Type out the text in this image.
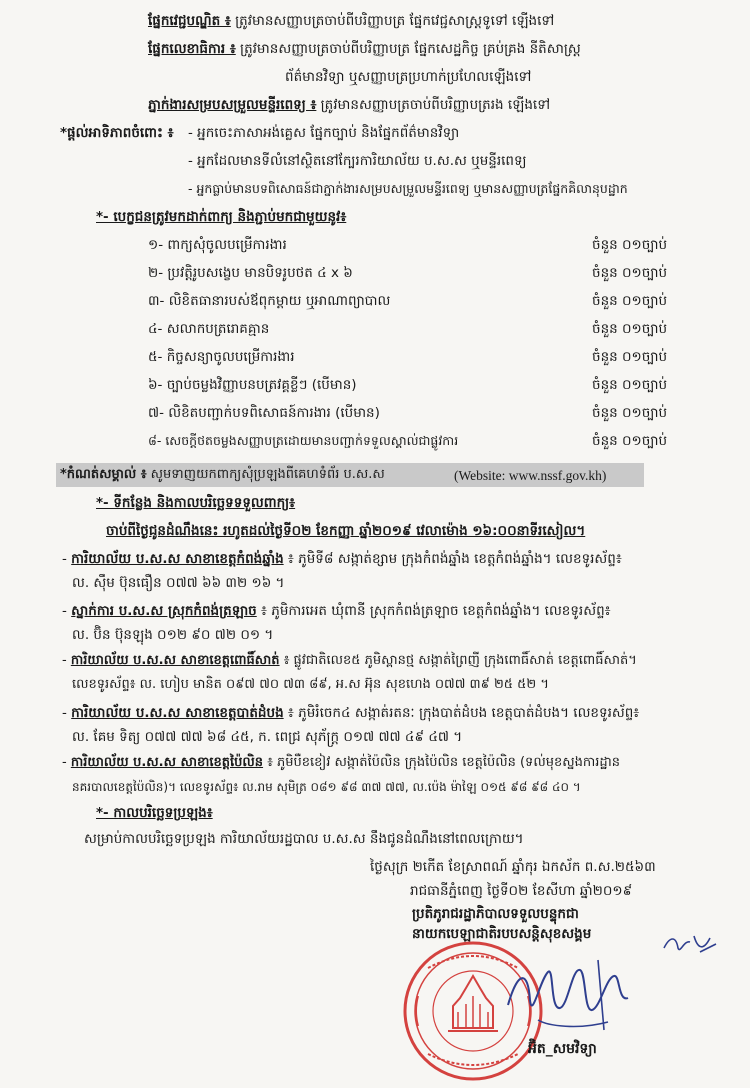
ផ្នែកវេជ្ជបណ្ឌិត ៖ ត្រូវមានសញ្ញាបត្រចាប់ពីបរិញ្ញាបត្រ ផ្នែកវេជ្ជសាស្ត្រទូទៅ ឡើងទៅ
ផ្នែកលេខាធិការ ៖ ត្រូវមានសញ្ញាបត្រចាប់ពីបរិញ្ញាបត្រ ផ្នែកសេដ្ឋកិច្ច គ្រប់គ្រង នីតិសាស្ត្រ
ព័ត៌មានវិទ្យា ឬសញ្ញាបត្រប្រហាក់ប្រហែលឡើងទៅ
ភ្នាក់ងារសម្របសម្រួលមន្ទីរពេទ្យ ៖ ត្រូវមានសញ្ញាបត្រចាប់ពីបរិញ្ញាបត្ររង ឡើងទៅ
*ផ្តល់អាទិភាពចំពោះ ៖ - អ្នកចេះភាសាអង់គ្លេស ផ្នែកច្បាប់ និងផ្នែកព័ត៌មានវិទ្យា
- អ្នកដែលមានទីលំនៅស្ថិតនៅក្បែរការិយាល័យ ប.ស.ស ឬមន្ទីរពេទ្យ
- អ្នកធ្លាប់មានបទពិសោធន៍ជាភ្នាក់ងារសម្របសម្រួលមន្ទីរពេទ្យ ឬមានសញ្ញាបត្រផ្នែកគិលានុបដ្ឋាក
*- បេក្ខជនត្រូវមកដាក់ពាក្យ និងភ្ជាប់មកជាមួយនូវ៖
១- ពាក្យសុំចូលបម្រើការងារ	ចំនួន ០១ច្បាប់
២- ប្រវត្តិរូបសង្ខេប មានបិទរូបថត ៤ x ៦	ចំនួន ០១ច្បាប់
៣- លិខិតធានារបស់ឪពុកម្តាយ ឬអាណាព្យាបាល	ចំនួន ០១ច្បាប់
៤- សលាកបត្ររោគគ្មាន	ចំនួន ០១ច្បាប់
៥- កិច្ចសន្យាចូលបម្រើការងារ	ចំនួន ០១ច្បាប់
៦- ច្បាប់ចម្លងវិញ្ញាបនបត្រវគ្គខ្លីៗ (បើមាន)	ចំនួន ០១ច្បាប់
៧- លិខិតបញ្ជាក់បទពិសោធន៍ការងារ (បើមាន)	ចំនួន ០១ច្បាប់
៨- សេចក្តីថតចម្លងសញ្ញាបត្រដោយមានបញ្ជាក់ទទួលស្គាល់ជាផ្លូវការ	ចំនួន ០១ច្បាប់
*កំណត់សម្គាល់ ៖ សូមទាញយកពាក្យសុំប្រឡងពីគេហទំព័រ ប.ស.ស	(Website: www.nssf.gov.kh)
*- ទីកន្លែង និងកាលបរិច្ឆេទទទួលពាក្យ៖
ចាប់ពីថ្ងៃជូនដំណឹងនេះ រហូតដល់ថ្ងៃទី០២ ខែកញ្ញា ឆ្នាំ២០១៩ វេលាម៉ោង ១៦:០០នាទីរសៀល។
- ការិយាល័យ ប.ស.ស សាខាខេត្តកំពង់ឆ្នាំង ៖ ភូមិទី៨ សង្កាត់ខ្សាម ក្រុងកំពង់ឆ្នាំង ខេត្តកំពង់ឆ្នាំង។ លេខទូរស័ព្ទ៖
ល. ស៊ឹម ប៊ុនធឿន ០៧៧ ៦៦ ៣២ ១៦ ។
- ស្នាក់ការ ប.ស.ស ស្រុកកំពង់ត្រឡាច ៖ ភូមិការអេត ឃុំពានី ស្រុកកំពង់ត្រឡាច ខេត្តកំពង់ឆ្នាំង។ លេខទូរស័ព្ទ៖
ល. ប៊ិន ប៊ុនឡុង ០១២ ៩០ ៧២ ០១ ។
- ការិយាល័យ ប.ស.ស សាខាខេត្តពោធិ៍សាត់ ៖ ផ្លូវជាតិលេខ៥ ភូមិស្ពានថ្ម សង្កាត់ព្រៃញី ក្រុងពោធិ៍សាត់ ខេត្តពោធិ៍សាត់។
លេខទូរស័ព្ទ៖ ល. ហៀប មានិត ០៩៧ ៧០ ៧៣ ៨៩, អ.ស អ៊ុន សុខហេង ០៧៧ ៣៩ ២៥ ៥២ ។
- ការិយាល័យ ប.ស.ស សាខាខេត្តបាត់ដំបង ៖ ភូមិរំចេក៤ សង្កាត់រតនៈ ក្រុងបាត់ដំបង ខេត្តបាត់ដំបង។ លេខទូរស័ព្ទ៖
ល. គែម ទិត្យ ០៧៧ ៧៧ ៦៨ ៤៥, ក. ពេជ្រ សុភ័ក្ត្រ ០១៧ ៧៧ ៤៩ ៤៧ ។
- ការិយាល័យ ប.ស.ស សាខាខេត្តប៉ៃលិន ៖ ភូមិបឺខខៀវ សង្កាត់ប៉ៃលិន ក្រុងប៉ៃលិន ខេត្តប៉ៃលិន (ទល់មុខស្នងការដ្ឋាន
នគរបាលខេត្តប៉ៃលិន)។ លេខទូរស័ព្ទ៖ ល.រាម សុមិត្រ ០៨១ ៩៨ ៣៧ ៧៧, ល.ប៉េង ម៉ាឡៃ ០១៥ ៩៨ ៩៨ ៤០ ។
*- កាលបរិច្ឆេទប្រឡង៖
សម្រាប់កាលបរិច្ឆេទប្រឡង ការិយាល័យរដ្ឋបាល ប.ស.ស នឹងជូនដំណឹងនៅពេលក្រោយ។
ថ្ងៃសុក្រ ២កើត ខែស្រាពណ៍ ឆ្នាំកុរ ឯកស័ក ព.ស.២៥៦៣
រាជធានីភ្នំពេញ ថ្ងៃទី០២ ខែសីហា ឆ្នាំ២០១៩
ប្រតិភូរាជរដ្ឋាភិបាលទទួលបន្ទុកជា
នាយកបេឡាជាតិរបបសន្តិសុខសង្គម
អ៊ិត_សមវិទ្យា
